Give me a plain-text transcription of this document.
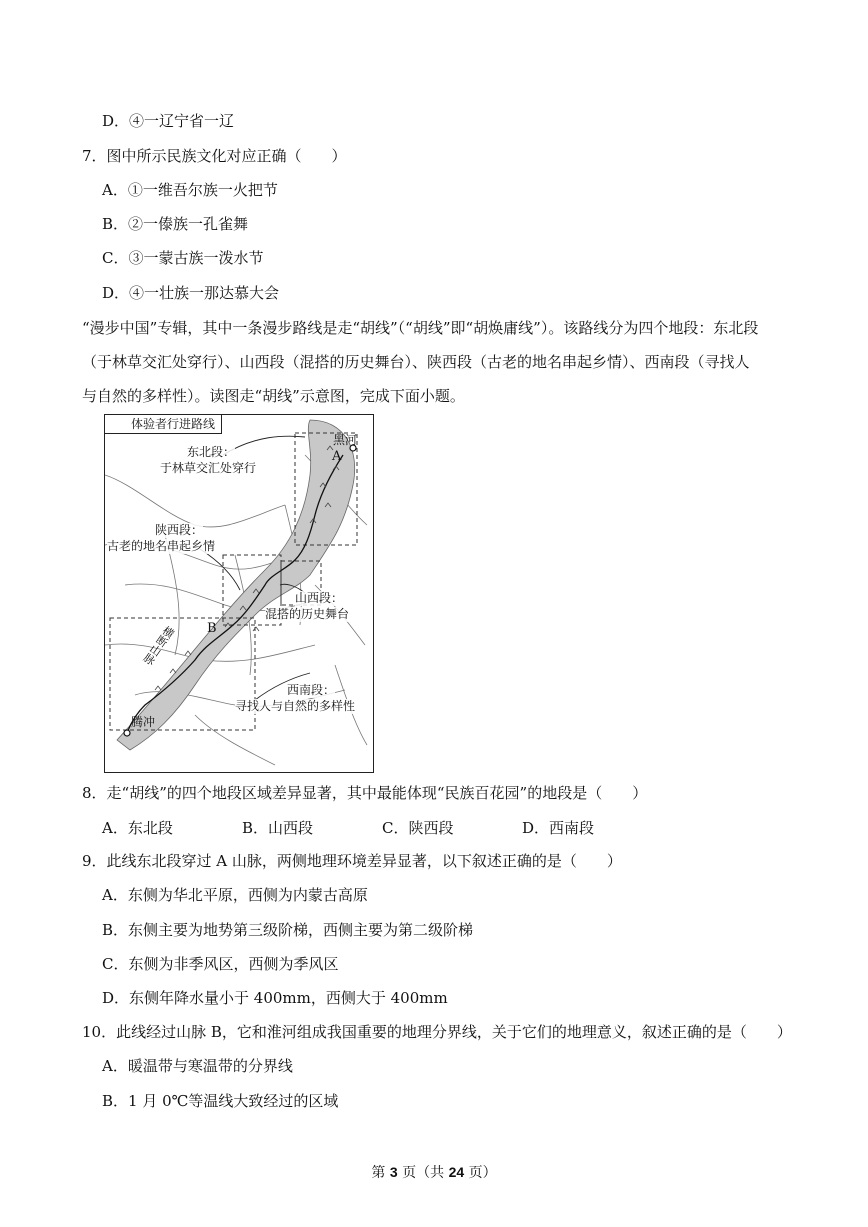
D．④一辽宁省一辽
7．图中所示民族文化对应正确（　　）
A．①一维吾尔族一火把节
B．②一傣族一孔雀舞
C．③一蒙古族一泼水节
D．④一壮族一那达慕大会
“漫步中国”专辑，其中一条漫步路线是走“胡线”（“胡线”即“胡焕庸线”）。该路线分为四个地段：东北段
（于林草交汇处穿行）、山西段（混搭的历史舞台）、陕西段（古老的地名串起乡情）、西南段（寻找人
与自然的多样性）。读图走“胡线”示意图，完成下面小题。
体验者行进路线
东北段：
于林草交汇处穿行
黑河
A
陕西段：
古老的地名串起乡情
山西段：
混搭的历史舞台
B
横断山脉
西南段：
寻找人与自然的多样性
腾冲
8．走“胡线”的四个地段区域差异显著，其中最能体现“民族百花园”的地段是（　　）
A．东北段	B．山西段	C．陕西段	D．西南段
9．此线东北段穿过 A 山脉，两侧地理环境差异显著，以下叙述正确的是（　　）
A．东侧为华北平原，西侧为内蒙古高原
B．东侧主要为地势第三级阶梯，西侧主要为第二级阶梯
C．东侧为非季风区，西侧为季风区
D．东侧年降水量小于 400mm，西侧大于 400mm
10．此线经过山脉 B，它和淮河组成我国重要的地理分界线，关于它们的地理意义，叙述正确的是（　　）
A．暖温带与寒温带的分界线
B．1 月 0℃等温线大致经过的区域
第 3 页（共 24 页）
